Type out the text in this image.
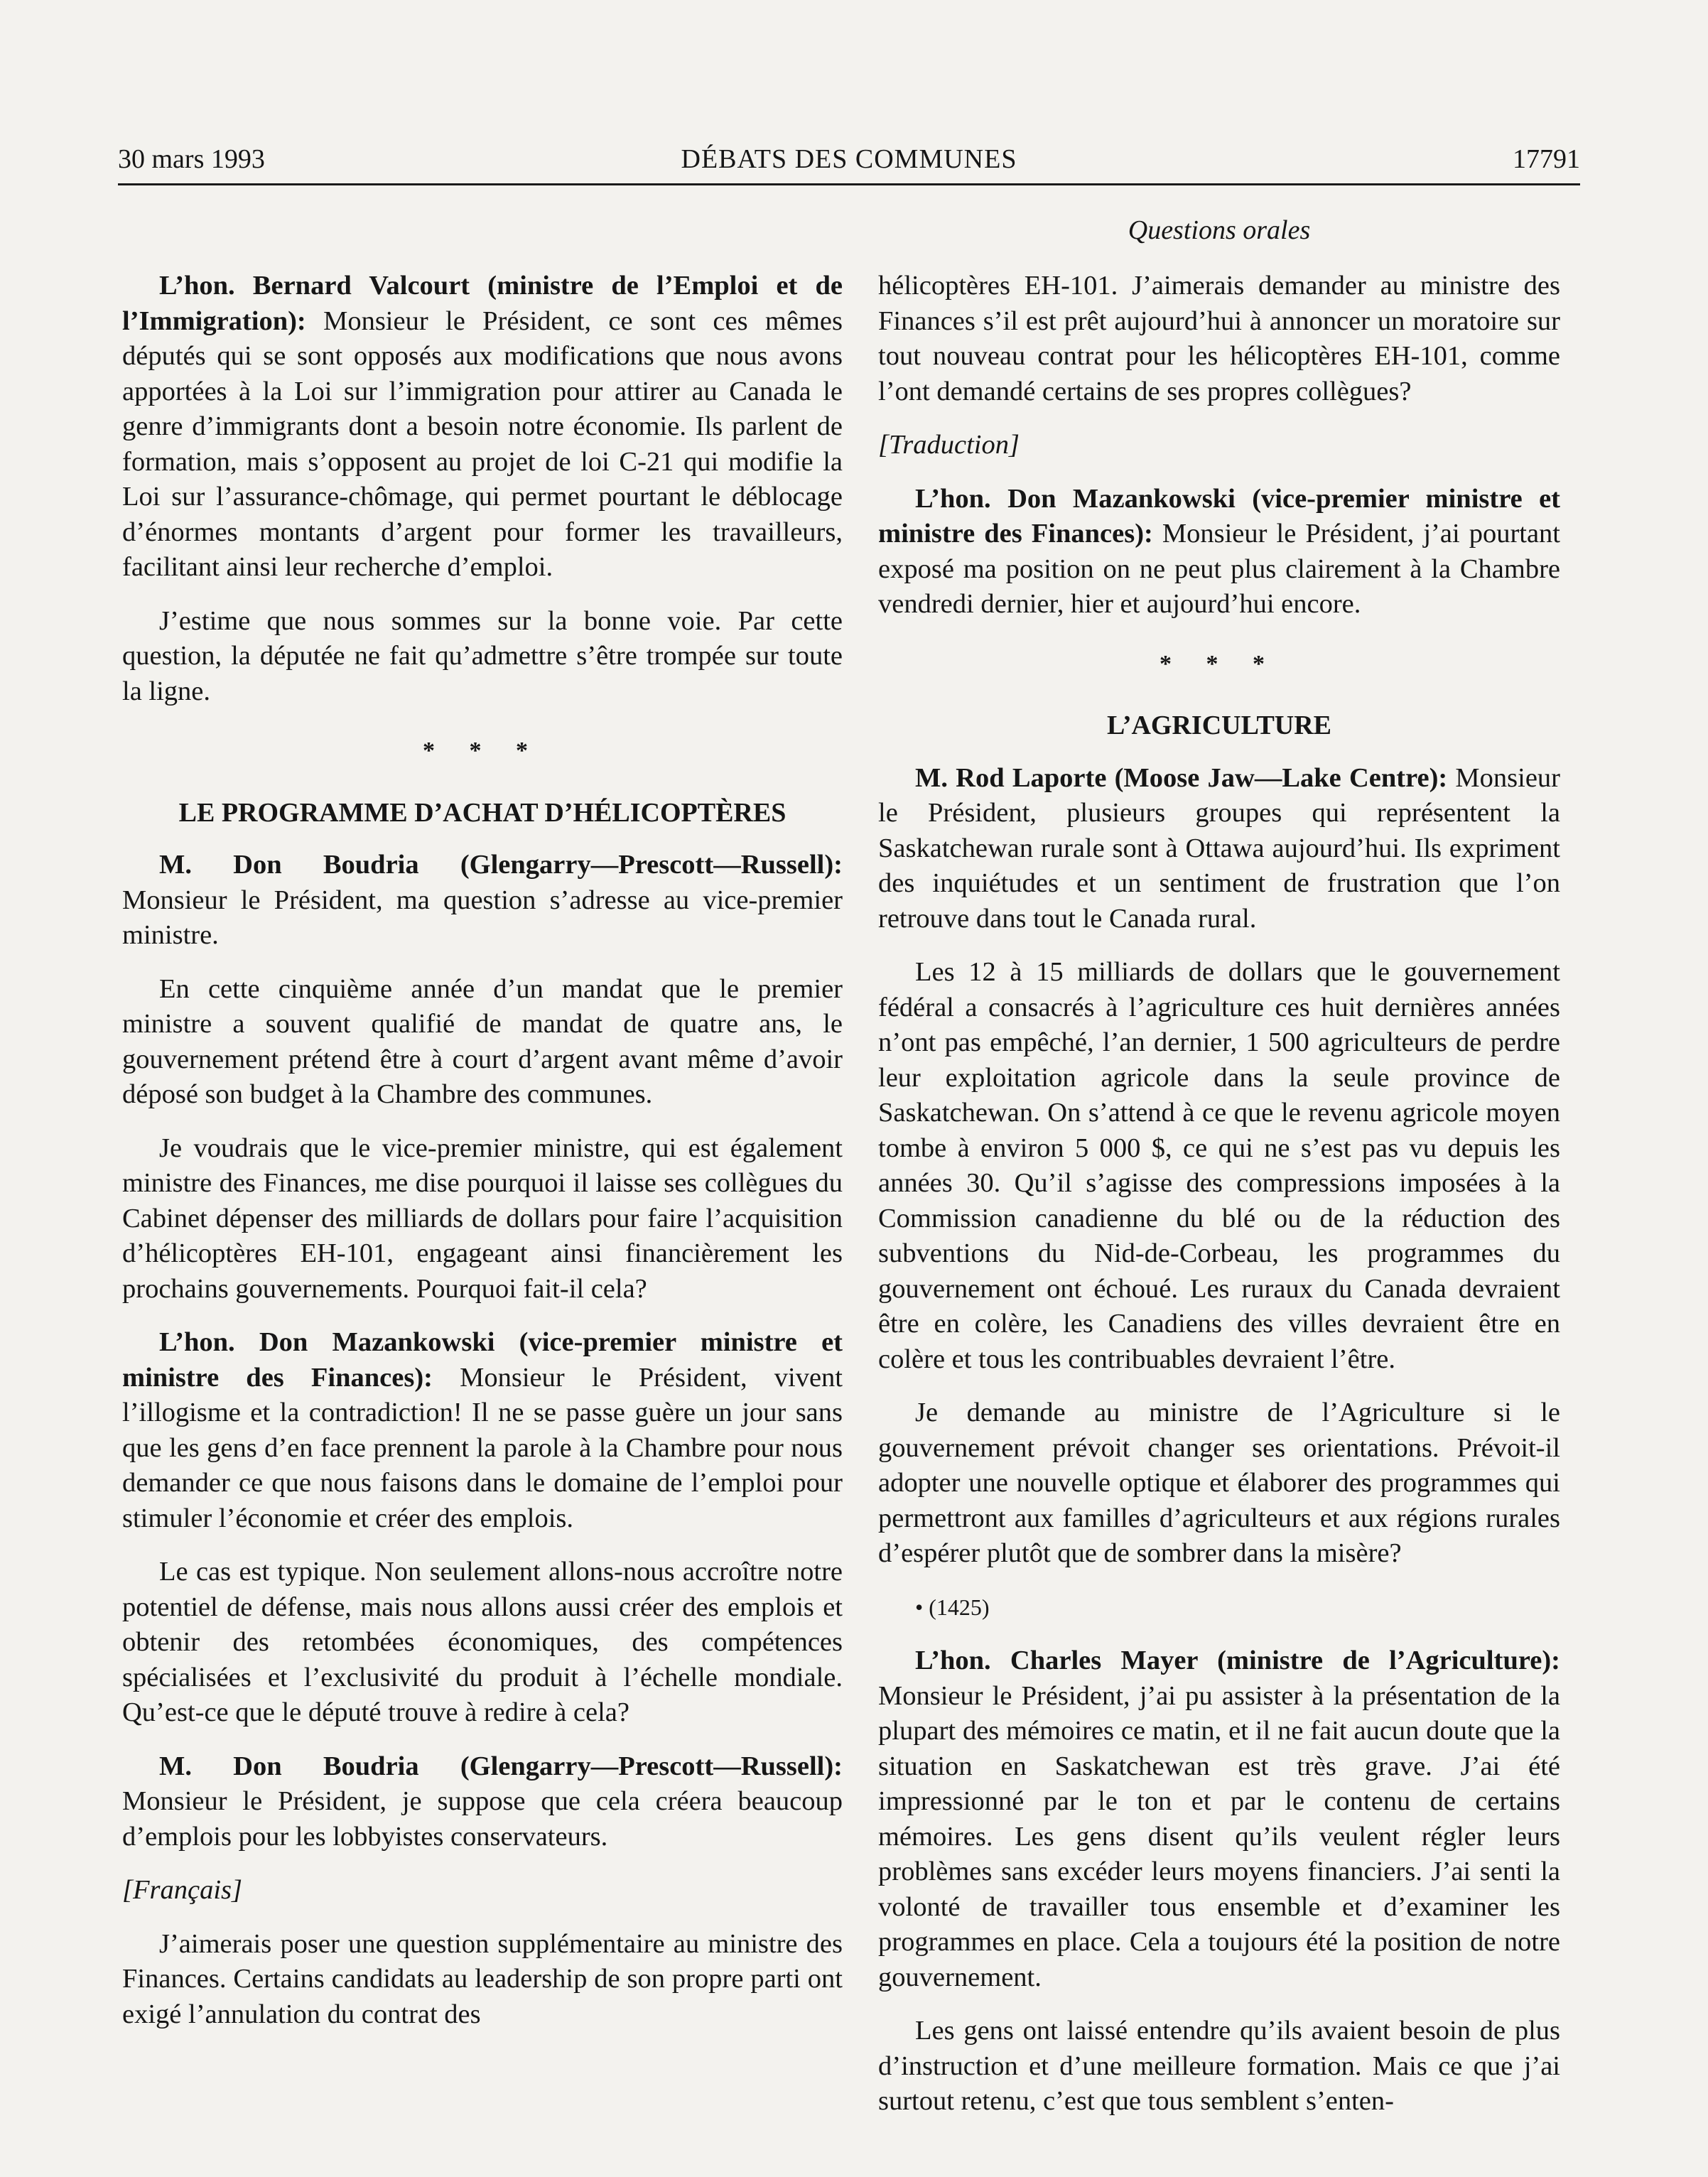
30 mars 1993	DÉBATS DES COMMUNES	17791
Questions orales

L’hon. Bernard Valcourt (ministre de l’Emploi et de l’Immigration): Monsieur le Président, ce sont ces mêmes députés qui se sont opposés aux modifications que nous avons apportées à la Loi sur l’immigration pour attirer au Canada le genre d’immigrants dont a besoin notre économie. Ils parlent de formation, mais s’opposent au projet de loi C-21 qui modifie la Loi sur l’assurance-chômage, qui permet pourtant le déblocage d’énormes montants d’argent pour former les travailleurs, facilitant ainsi leur recherche d’emploi.

J’estime que nous sommes sur la bonne voie. Par cette question, la députée ne fait qu’admettre s’être trompée sur toute la ligne.

* * *
LE PROGRAMME D’ACHAT D’HÉLICOPTÈRES

M. Don Boudria (Glengarry—Prescott—Russell): Monsieur le Président, ma question s’adresse au vice-premier ministre.

En cette cinquième année d’un mandat que le premier ministre a souvent qualifié de mandat de quatre ans, le gouvernement prétend être à court d’argent avant même d’avoir déposé son budget à la Chambre des communes.

Je voudrais que le vice-premier ministre, qui est également ministre des Finances, me dise pourquoi il laisse ses collègues du Cabinet dépenser des milliards de dollars pour faire l’acquisition d’hélicoptères EH-101, engageant ainsi financièrement les prochains gouvernements. Pourquoi fait-il cela?

L’hon. Don Mazankowski (vice-premier ministre et ministre des Finances): Monsieur le Président, vivent l’illogisme et la contradiction! Il ne se passe guère un jour sans que les gens d’en face prennent la parole à la Chambre pour nous demander ce que nous faisons dans le domaine de l’emploi pour stimuler l’économie et créer des emplois.

Le cas est typique. Non seulement allons-nous accroître notre potentiel de défense, mais nous allons aussi créer des emplois et obtenir des retombées économiques, des compétences spécialisées et l’exclusivité du produit à l’échelle mondiale. Qu’est-ce que le député trouve à redire à cela?

M. Don Boudria (Glengarry—Prescott—Russell): Monsieur le Président, je suppose que cela créera beaucoup d’emplois pour les lobbyistes conservateurs.

[Français]

J’aimerais poser une question supplémentaire au ministre des Finances. Certains candidats au leadership de son propre parti ont exigé l’annulation du contrat des

hélicoptères EH-101. J’aimerais demander au ministre des Finances s’il est prêt aujourd’hui à annoncer un moratoire sur tout nouveau contrat pour les hélicoptères EH-101, comme l’ont demandé certains de ses propres collègues?

[Traduction]

L’hon. Don Mazankowski (vice-premier ministre et ministre des Finances): Monsieur le Président, j’ai pourtant exposé ma position on ne peut plus clairement à la Chambre vendredi dernier, hier et aujourd’hui encore.

* * *
L’AGRICULTURE

M. Rod Laporte (Moose Jaw—Lake Centre): Monsieur le Président, plusieurs groupes qui représentent la Saskatchewan rurale sont à Ottawa aujourd’hui. Ils expriment des inquiétudes et un sentiment de frustration que l’on retrouve dans tout le Canada rural.

Les 12 à 15 milliards de dollars que le gouvernement fédéral a consacrés à l’agriculture ces huit dernières années n’ont pas empêché, l’an dernier, 1 500 agriculteurs de perdre leur exploitation agricole dans la seule province de Saskatchewan. On s’attend à ce que le revenu agricole moyen tombe à environ 5 000 $, ce qui ne s’est pas vu depuis les années 30. Qu’il s’agisse des compressions imposées à la Commission canadienne du blé ou de la réduction des subventions du Nid-de-Corbeau, les programmes du gouvernement ont échoué. Les ruraux du Canada devraient être en colère, les Canadiens des villes devraient être en colère et tous les contribuables devraient l’être.

Je demande au ministre de l’Agriculture si le gouvernement prévoit changer ses orientations. Prévoit-il adopter une nouvelle optique et élaborer des programmes qui permettront aux familles d’agriculteurs et aux régions rurales d’espérer plutôt que de sombrer dans la misère?

• (1425)

L’hon. Charles Mayer (ministre de l’Agriculture): Monsieur le Président, j’ai pu assister à la présentation de la plupart des mémoires ce matin, et il ne fait aucun doute que la situation en Saskatchewan est très grave. J’ai été impressionné par le ton et par le contenu de certains mémoires. Les gens disent qu’ils veulent régler leurs problèmes sans excéder leurs moyens financiers. J’ai senti la volonté de travailler tous ensemble et d’examiner les programmes en place. Cela a toujours été la position de notre gouvernement.

Les gens ont laissé entendre qu’ils avaient besoin de plus d’instruction et d’une meilleure formation. Mais ce que j’ai surtout retenu, c’est que tous semblent s’enten-
